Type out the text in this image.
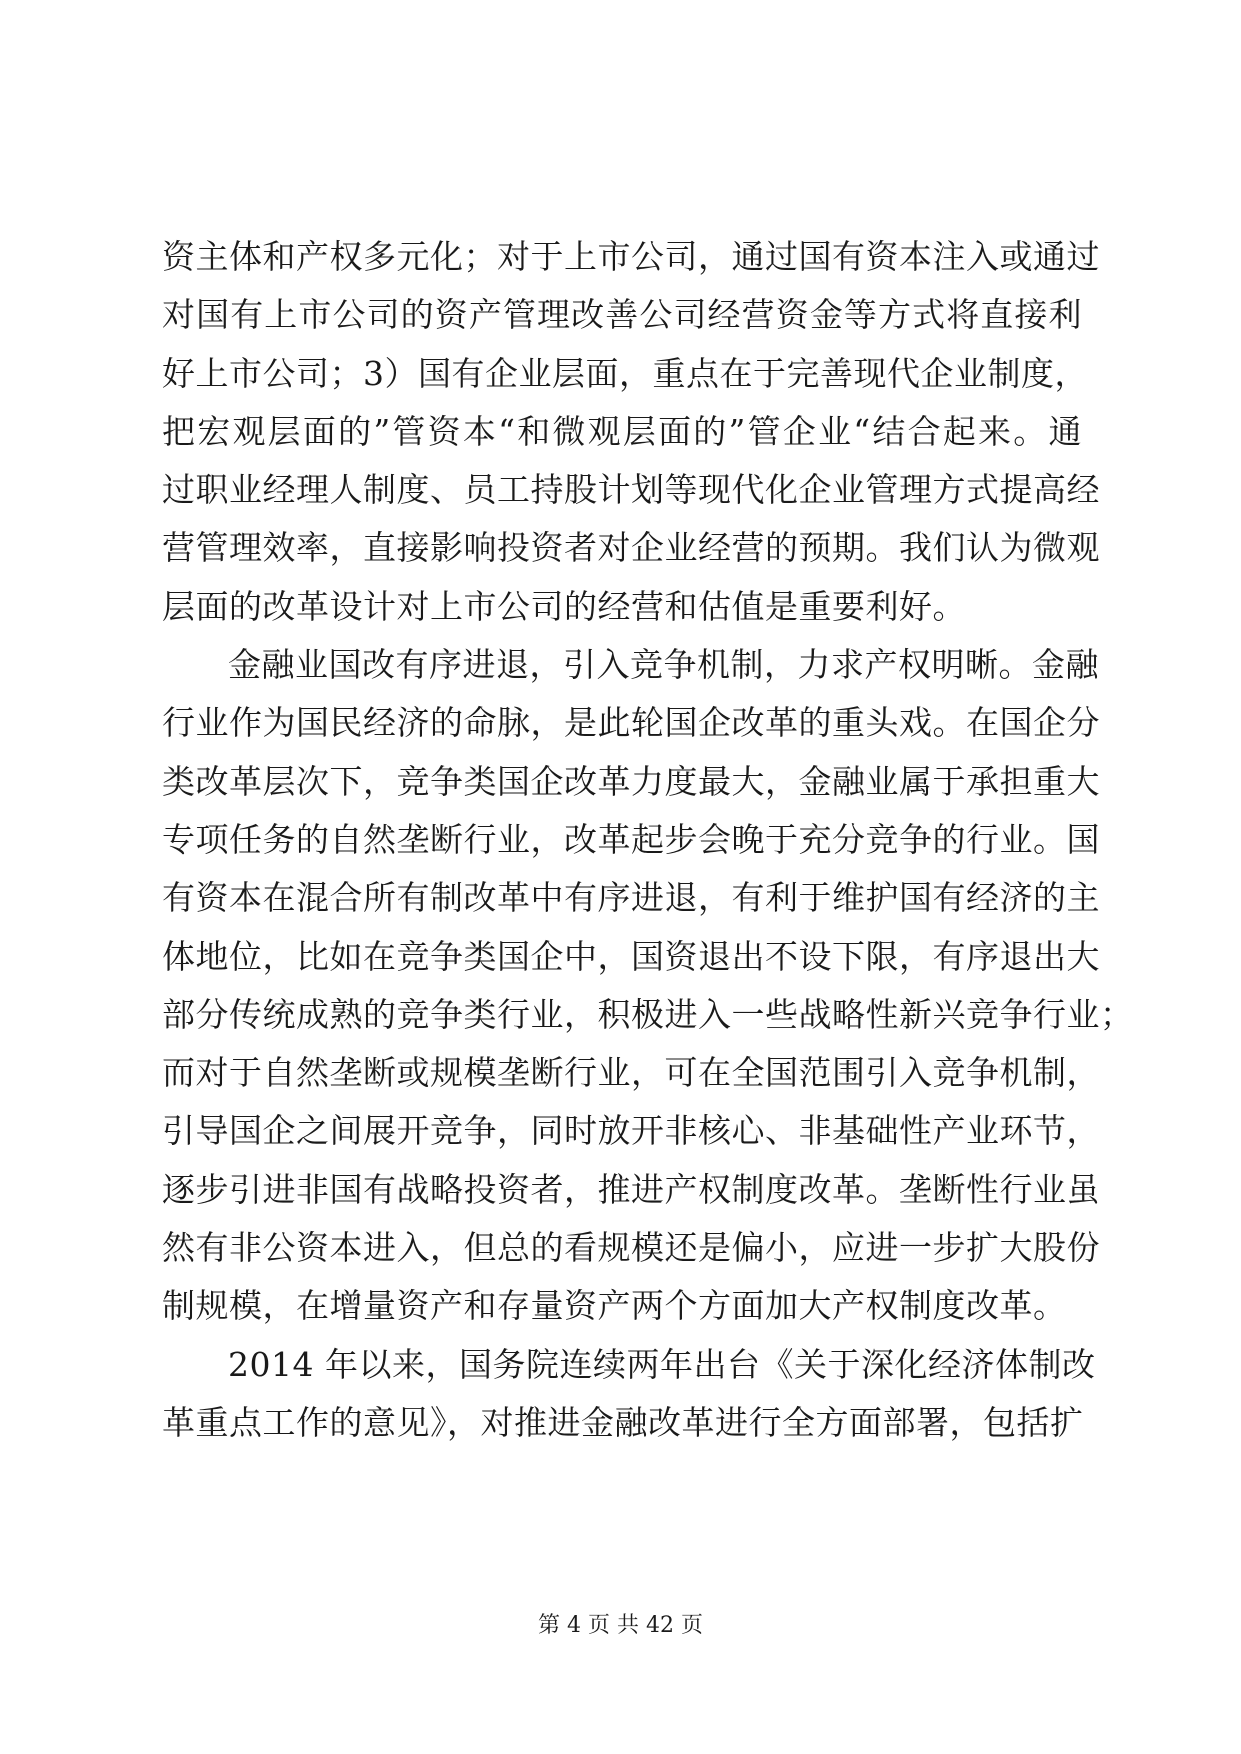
资主体和产权多元化；对于上市公司，通过国有资本注入或通过
对国有上市公司的资产管理改善公司经营资金等方式将直接利
好上市公司；3）国有企业层面，重点在于完善现代企业制度，
把宏观层面的”管资本“和微观层面的”管企业“结合起来。通
过职业经理人制度、员工持股计划等现代化企业管理方式提高经
营管理效率，直接影响投资者对企业经营的预期。我们认为微观
层面的改革设计对上市公司的经营和估值是重要利好。
金融业国改有序进退，引入竞争机制，力求产权明晰。金融
行业作为国民经济的命脉，是此轮国企改革的重头戏。在国企分
类改革层次下，竞争类国企改革力度最大，金融业属于承担重大
专项任务的自然垄断行业，改革起步会晚于充分竞争的行业。国
有资本在混合所有制改革中有序进退，有利于维护国有经济的主
体地位，比如在竞争类国企中，国资退出不设下限，有序退出大
部分传统成熟的竞争类行业，积极进入一些战略性新兴竞争行业；
而对于自然垄断或规模垄断行业，可在全国范围引入竞争机制，
引导国企之间展开竞争，同时放开非核心、非基础性产业环节，
逐步引进非国有战略投资者，推进产权制度改革。垄断性行业虽
然有非公资本进入，但总的看规模还是偏小，应进一步扩大股份
制规模，在增量资产和存量资产两个方面加大产权制度改革。
2014 年以来，国务院连续两年出台《关于深化经济体制改
革重点工作的意见》，对推进金融改革进行全方面部署，包括扩
第 4 页 共 42 页
